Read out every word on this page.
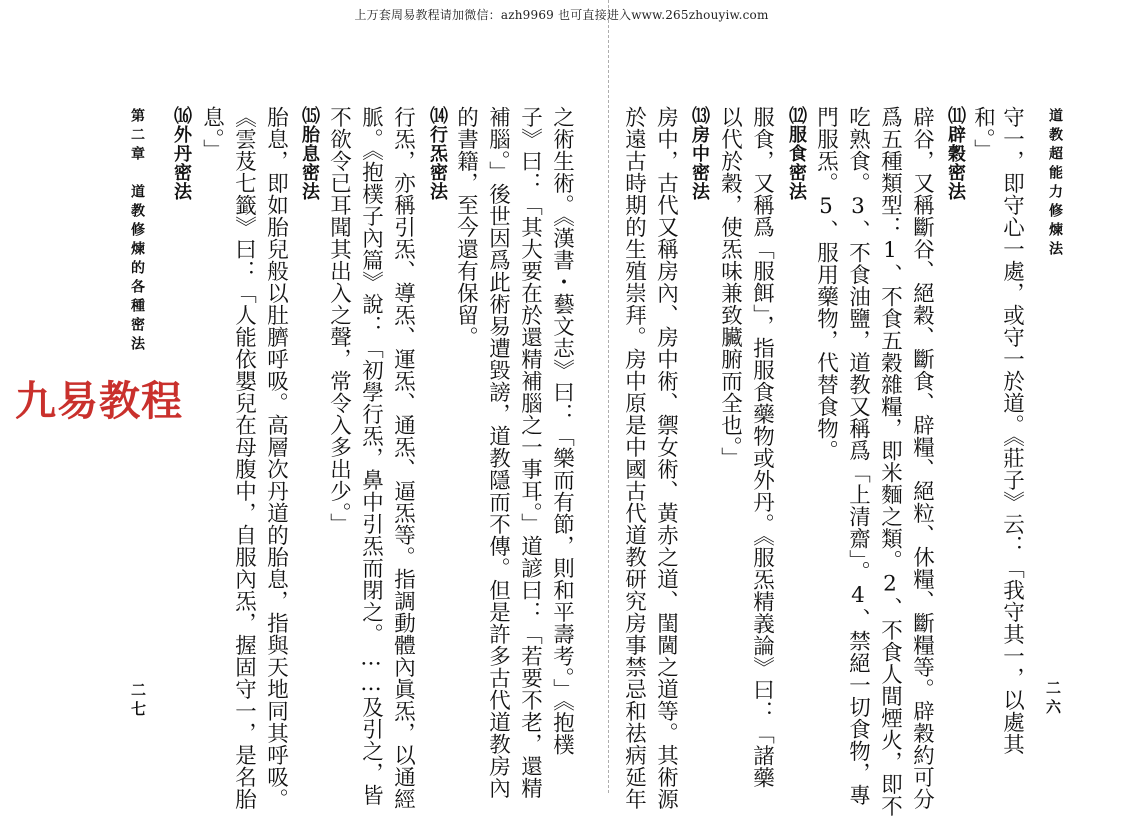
上万套周易教程请加微信：azh9969 也可直接进入www.265zhouyiw.com
道教超能力修煉法
二六
守一，即守心一處，或守一於道。《莊子》云：「我守其一，以處其
和。」
⑾辟穀密法
辟谷，又稱斷谷、絕穀、斷食、辟糧、絕粒、休糧、斷糧等。辟穀約可分
爲五種類型：1、不食五穀雜糧，即米麵之類。2、不食人間煙火，即不
吃熟食。3、不食油鹽，道教又稱爲「上清齋」。4、禁絕一切食物，專
門服炁。5、服用藥物，代替食物。
⑿服食密法
服食，又稱爲「服餌」，指服食藥物或外丹。《服炁精義論》曰：「諸藥
以代於穀，使炁味兼致臟腑而全也。」
⒀房中密法
房中，古代又稱房內、房中術、禦女術、黃赤之道、閨閫之道等。其術源
於遠古時期的生殖崇拜。房中原是中國古代道教研究房事禁忌和祛病延年
之術生術。《漢書・藝文志》曰：「樂而有節，則和平壽考。」《抱樸
子》曰：「其大要在於還精補腦之一事耳。」道諺曰：「若要不老，還精
補腦。」後世因爲此術易遭毀謗，道教隱而不傳。但是許多古代道教房內
的書籍，至今還有保留。
⒁行炁密法
行炁，亦稱引炁、導炁、運炁、通炁、逼炁等。指調動體內眞炁，以通經
脈。《抱樸子內篇》說：「初學行炁，鼻中引炁而閉之。……及引之，皆
不欲令已耳聞其出入之聲，常令入多出少。」
⒂胎息密法
胎息，即如胎兒般以肚臍呼吸。高層次丹道的胎息，指與天地同其呼吸。
《雲芨七籤》曰：「人能依嬰兒在母腹中，自服內炁，握固守一，是名胎
息。」
⒃外丹密法
第二章　道教修煉的各種密法
二七
九易教程
